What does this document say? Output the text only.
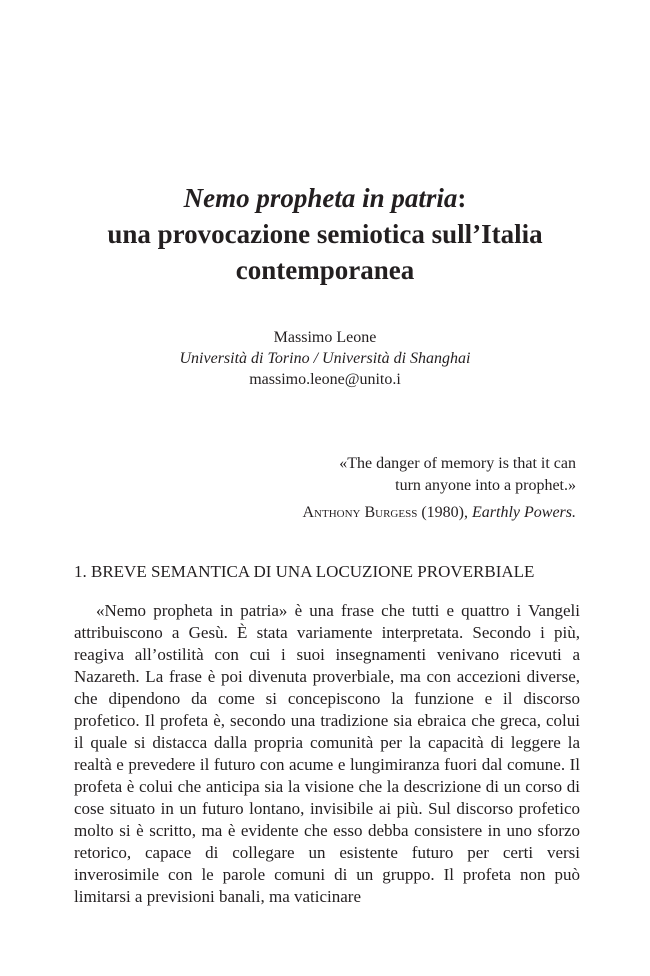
Nemo propheta in patria:
una provocazione semiotica sull’Italia
contemporanea
Massimo Leone
Università di Torino / Università di Shanghai
massimo.leone@unito.i
«The danger of memory is that it can
turn anyone into a prophet.»
Anthony Burgess (1980), Earthly Powers.
1. BREVE SEMANTICA DI UNA LOCUZIONE PROVERBIALE

«Nemo propheta in patria» è una frase che tutti e quattro i Vangeli attribuiscono a Gesù. È stata variamente interpretata. Secondo i più, reagiva all’ostilità con cui i suoi insegnamenti venivano ricevuti a Nazareth. La frase è poi divenuta proverbiale, ma con accezioni diverse, che dipendono da come si concepiscono la funzione e il discorso profetico. Il profeta è, secondo una tradizione sia ebraica che greca, colui il quale si distacca dalla propria comunità per la capacità di leggere la realtà e prevedere il futuro con acume e lungimiranza fuori dal comune. Il profeta è colui che anticipa sia la visione che la descrizione di un corso di cose situato in un futuro lontano, invisibile ai più. Sul discorso profetico molto si è scritto, ma è evidente che esso debba consistere in uno sforzo retorico, capace di collegare un esistente futuro per certi versi inverosimile con le parole comuni di un gruppo. Il profeta non può limitarsi a previsioni banali, ma vaticinare
